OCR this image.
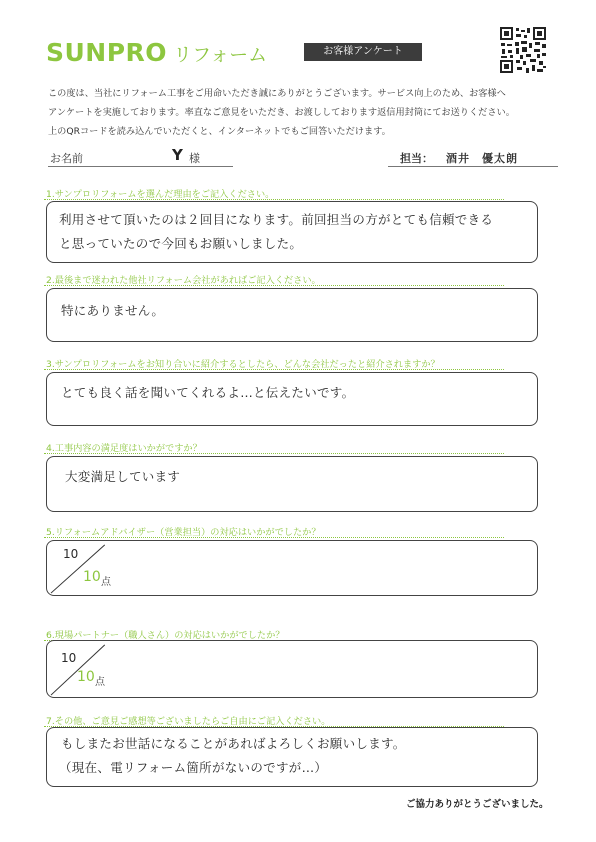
SUNPRO リフォーム	お客様アンケート

この度は、当社にリフォーム工事をご用命いただき誠にありがとうございます。サービス向上のため、お客様へ

アンケートを実施しております。率直なご意見をいただき、お渡ししております返信用封筒にてお送りください。

上のQRコードを読み込んでいただくと、インターネットでもご回答いただけます。

お名前	Y 様	担当： 酒井　優太朗
1.サンプロリフォームを選んだ理由をご記入ください。
利用させて頂いたのは２回目になります。前回担当の方がとても信頼できる
と思っていたので今回もお願いしました。
2.最後まで迷われた他社リフォーム会社があればご記入ください。
特にありません。
3.サンプロリフォームをお知り合いに紹介するとしたら、どんな会社だったと紹介されますか？
とても良く話を聞いてくれるよ…と伝えたいです。
4.工事内容の満足度はいかがですか？
大変満足しています
5.リフォームアドバイザー（営業担当）の対応はいかがでしたか？
10
10 点
6.現場パートナー（職人さん）の対応はいかがでしたか？
10
10 点
7.その他、ご意見ご感想等ございましたらご自由にご記入ください。
もしまたお世話になることがあればよろしくお願いします。
（現在、電リフォーム箇所がないのですが…）
ご協力ありがとうございました。
